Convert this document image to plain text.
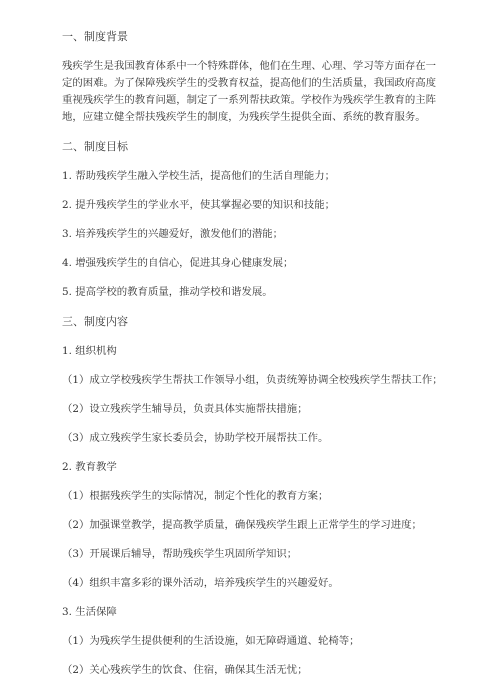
一、制度背景
残疾学生是我国教育体系中一个特殊群体，他们在生理、心理、学习等方面存在一定的困难。为了保障残疾学生的受教育权益，提高他们的生活质量，我国政府高度重视残疾学生的教育问题，制定了一系列帮扶政策。学校作为残疾学生教育的主阵地，应建立健全帮扶残疾学生的制度，为残疾学生提供全面、系统的教育服务。
二、制度目标
1. 帮助残疾学生融入学校生活，提高他们的生活自理能力；
2. 提升残疾学生的学业水平，使其掌握必要的知识和技能；
3. 培养残疾学生的兴趣爱好，激发他们的潜能；
4. 增强残疾学生的自信心，促进其身心健康发展；
5. 提高学校的教育质量，推动学校和谐发展。
三、制度内容
1. 组织机构
（1）成立学校残疾学生帮扶工作领导小组，负责统筹协调全校残疾学生帮扶工作；
（2）设立残疾学生辅导员，负责具体实施帮扶措施；
（3）成立残疾学生家长委员会，协助学校开展帮扶工作。
2. 教育教学
（1）根据残疾学生的实际情况，制定个性化的教育方案；
（2）加强课堂教学，提高教学质量，确保残疾学生跟上正常学生的学习进度；
（3）开展课后辅导，帮助残疾学生巩固所学知识；
（4）组织丰富多彩的课外活动，培养残疾学生的兴趣爱好。
3. 生活保障
（1）为残疾学生提供便利的生活设施，如无障碍通道、轮椅等；
（2）关心残疾学生的饮食、住宿，确保其生活无忧；
